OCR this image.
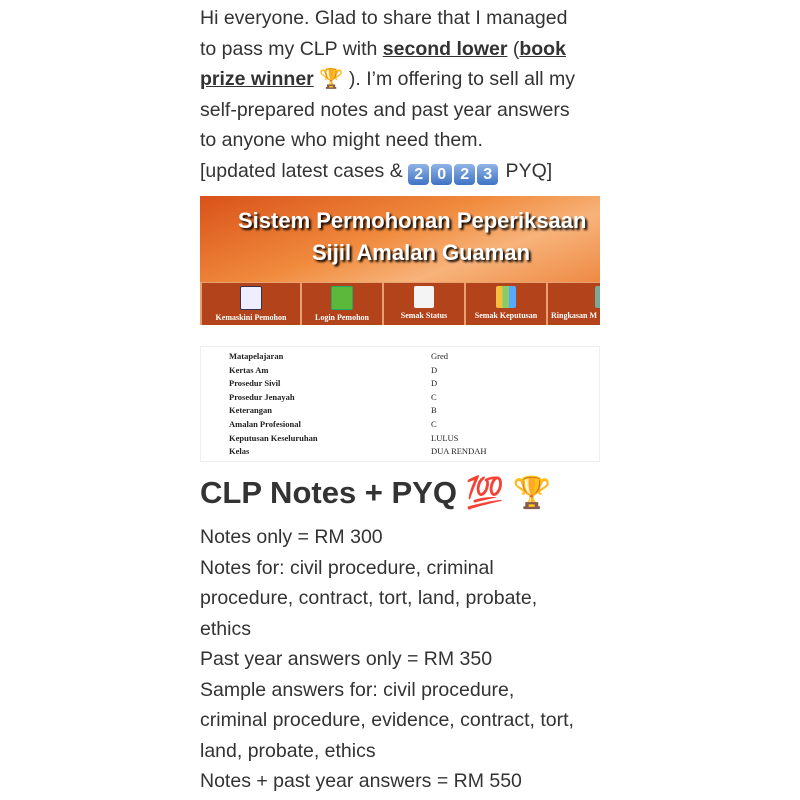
Hi everyone. Glad to share that I managed
to pass my CLP with second lower (book
prize winner 🏆 ). I’m offering to sell all my
self-prepared notes and past year answers
to anyone who might need them.
[updated latest cases & 2 0 2 3 PYQ]
Sistem Permohonan Peperiksaan
Sijil Amalan Guaman
Kemaskini Pemohon	Login Pemohon	Semak Status	Semak Keputusan	Ringkasan M
Matapelajaran	Gred
Kertas Am	D
Prosedur Sivil	D
Prosedur Jenayah	C
Keterangan	B
Amalan Profesional	C
Keputusan Keseluruhan	LULUS
Kelas	DUA RENDAH
CLP Notes + PYQ 💯 🏆
Notes only = RM 300
Notes for: civil procedure, criminal
procedure, contract, tort, land, probate,
ethics
Past year answers only = RM 350
Sample answers for: civil procedure,
criminal procedure, evidence, contract, tort,
land, probate, ethics
Notes + past year answers = RM 550
